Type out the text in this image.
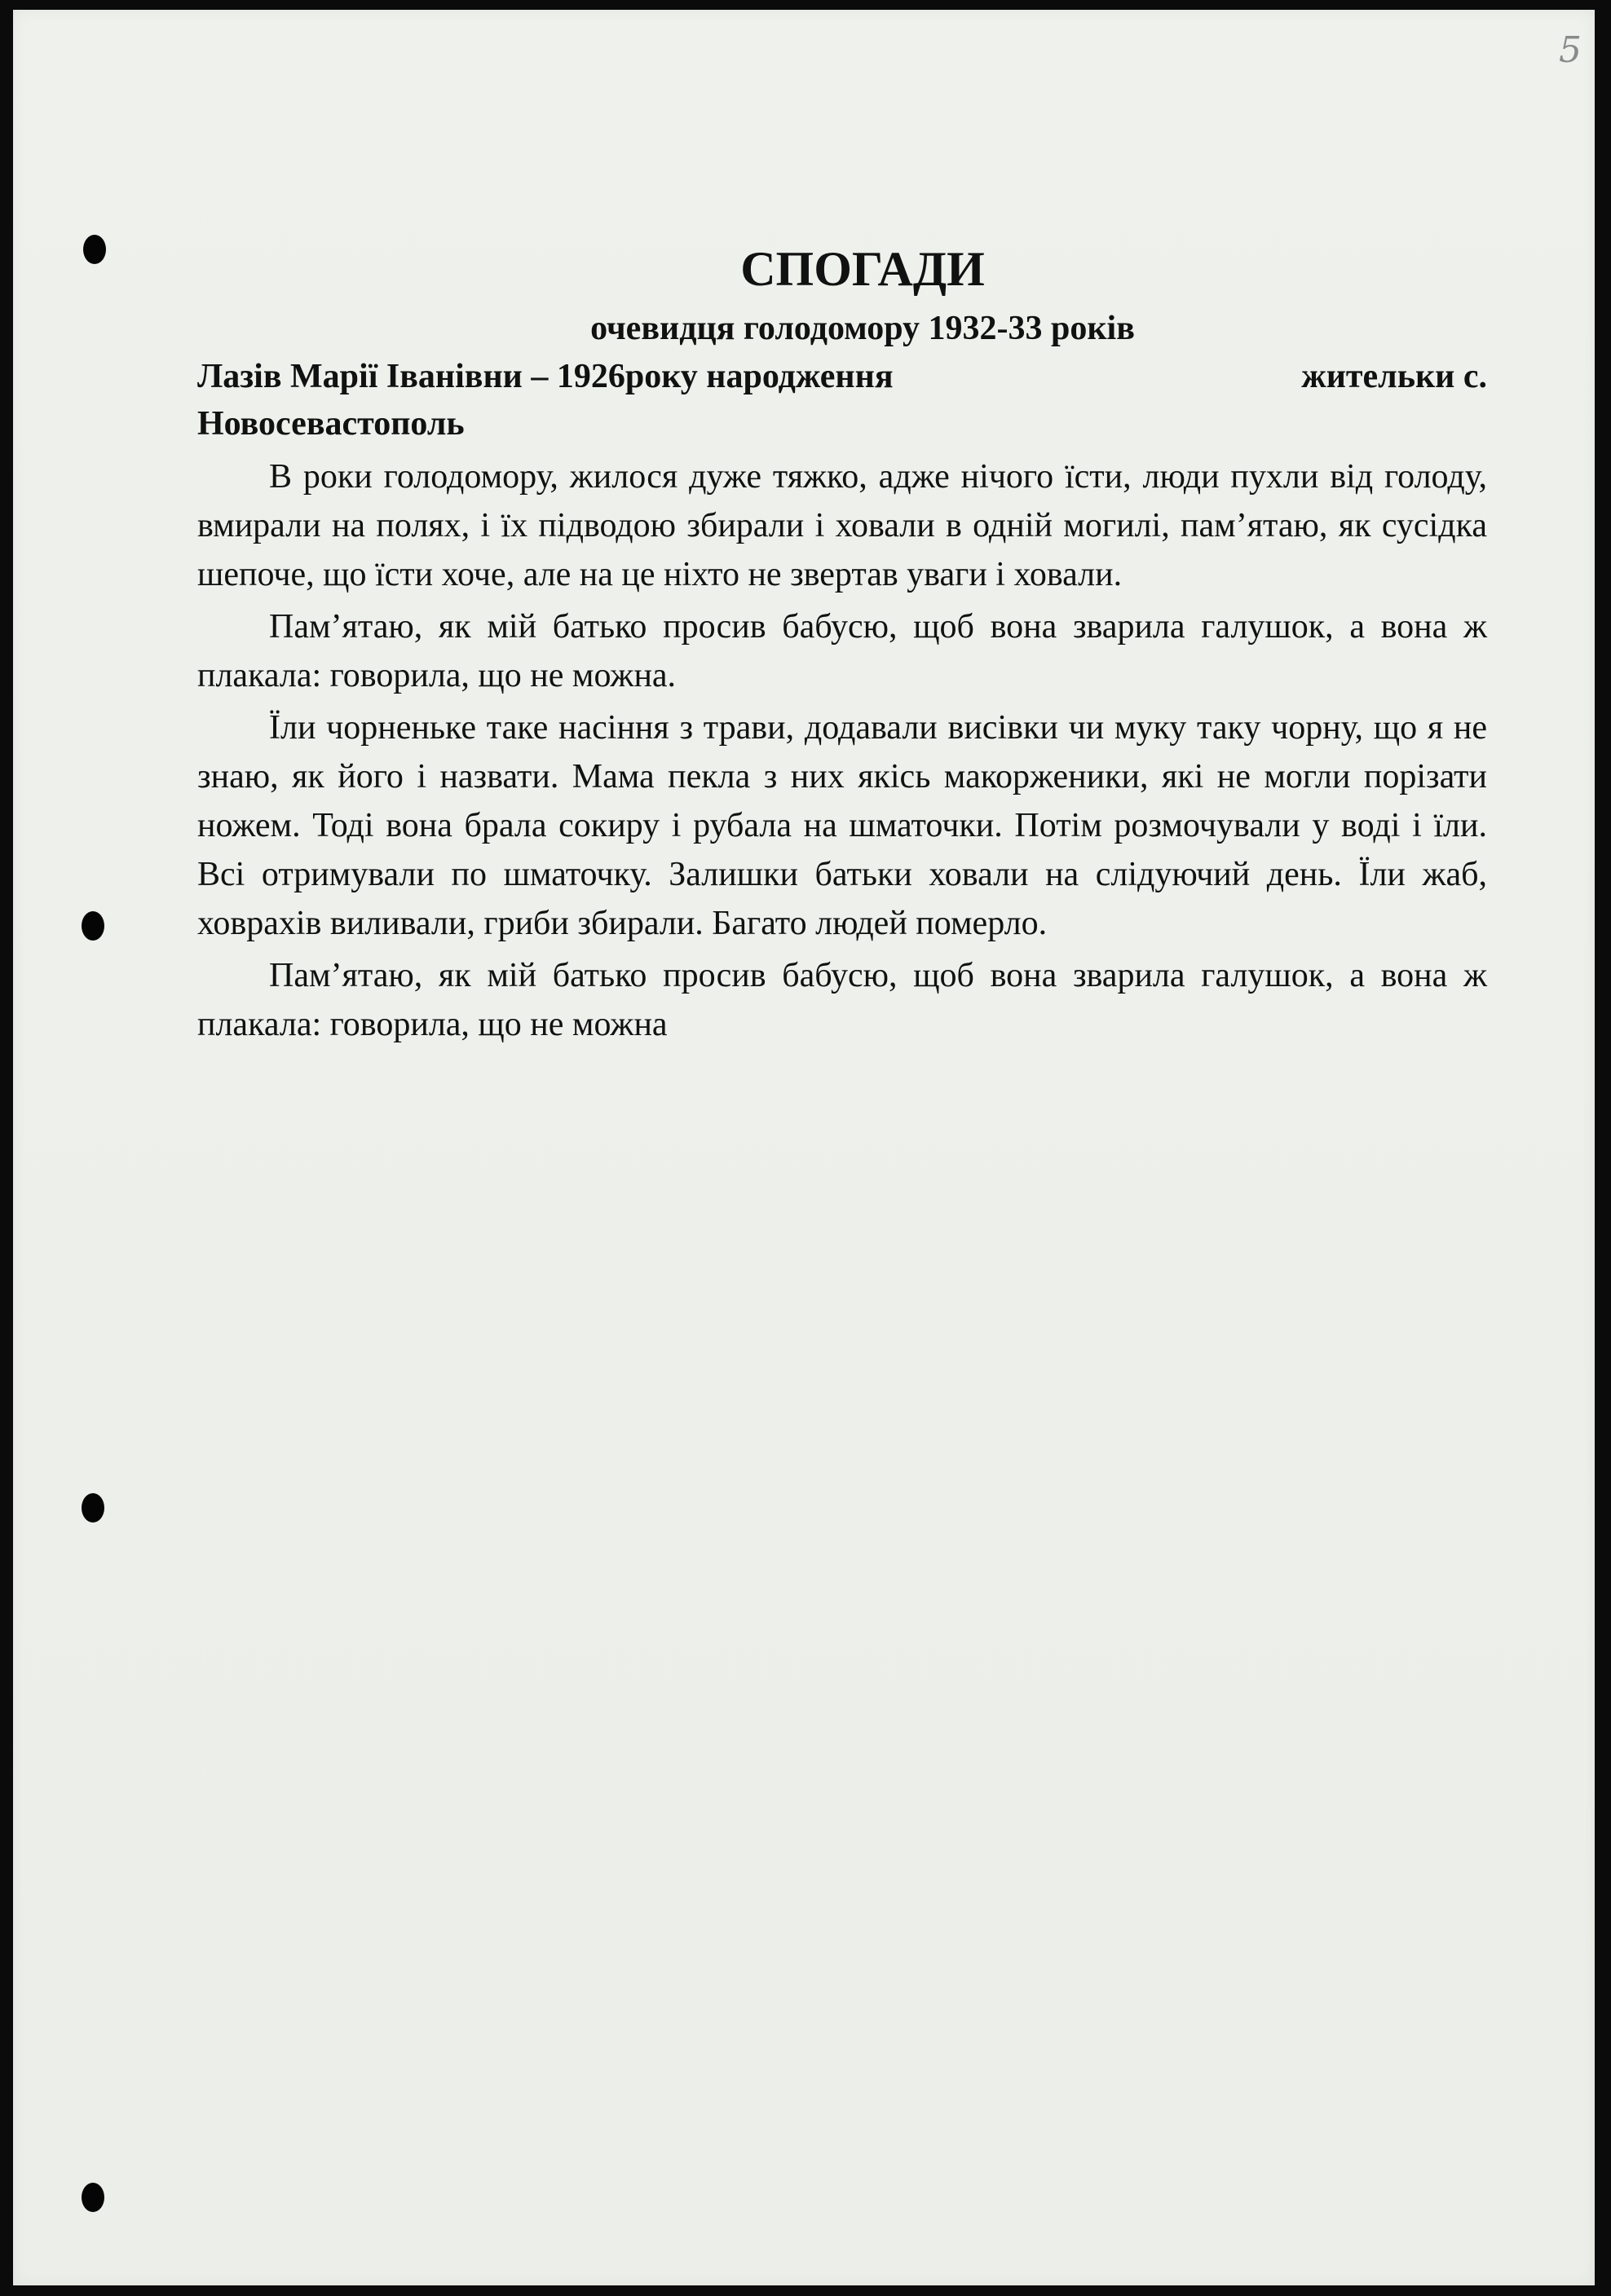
5
СПОГАДИ
очевидця голодомору 1932-33 років
Лазів Марії Іванівни – 1926року народження	жительки с.
Новосевастополь

В роки голодомору, жилося дуже тяжко, адже нічого їсти, люди пухли від голоду, вмирали на полях, і їх підводою збирали і ховали в одній могилі, пам’ятаю, як сусідка шепоче, що їсти хоче, але на це ніхто не звертав уваги і ховали.

Пам’ятаю, як мій батько просив бабусю, щоб вона зварила галушок, а вона ж плакала: говорила, що не можна.

Їли чорненьке таке насіння з трави, додавали висівки чи муку таку чорну, що я не знаю, як його і назвати. Мама пекла з них якісь макорженики, які не могли порізати ножем. Тоді вона брала сокиру і рубала на шматочки. Потім розмочували у воді і їли. Всі отримували по шматочку. Залишки батьки ховали на слідуючий день. Їли жаб, ховрахів виливали, гриби збирали. Багато людей померло.

Пам’ятаю, як мій батько просив бабусю, щоб вона зварила галушок, а вона ж плакала: говорила, що не можна
